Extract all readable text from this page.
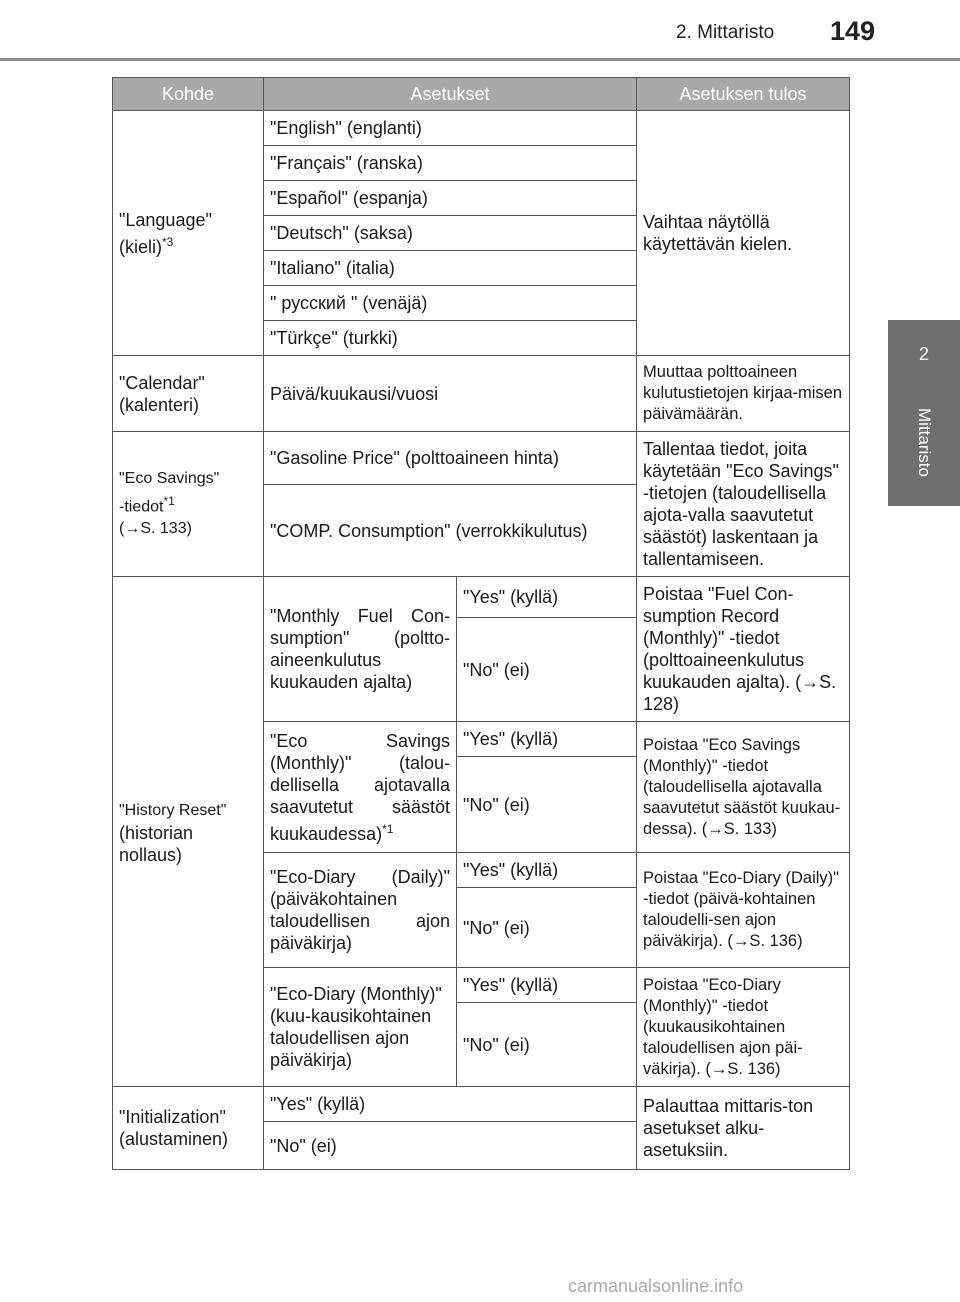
2. Mittaristo 149
2
Mittaristo
Kohde	Asetukset		Asetuksen tulos
"Language"
(kieli)$^{*3}$	"English" (englanti)		Vaihtaa näytöllä käytettävän kielen.
	"Français" (ranska)		
	"Español" (espanja)		
	"Deutsch" (saksa)		
	"Italiano" (italia)		
	" русский " (venäjä)		
	"Türkçe" (turkki)		
"Calendar"
(kalenteri)	Päivä/kuukausi/vuosi		Muuttaa polttoaineen kulutustietojen kirjaa-misen päivämäärän.
"Eco Savings"
-tiedot$^{*1}$
(→S. 133)	"Gasoline Price" (polttoaineen hinta)		Tallentaa tiedot, joita käytetään "Eco Savings" -tietojen (taloudellisella ajota-valla saavutetut säästöt) laskentaan ja tallentamiseen.
	"COMP. Consumption" (verrokkikulutus)		
"History Reset"
(historian
nollaus)	"Monthly Fuel Con-sumption" (poltto-aineenkulutus kuukauden ajalta)	"Yes" (kyllä)	Poistaa "Fuel Con-sumption Record (Monthly)" -tiedot (polttoaineenkulutus kuukauden ajalta). (→S. 128)
		"No" (ei)	
	"Eco Savings (Monthly)" (talou-dellisella ajotavalla saavutetut säästöt kuukaudessa)$^{*1}$	"Yes" (kyllä)	Poistaa "Eco Savings (Monthly)" -tiedot (taloudellisella ajotavalla saavutetut säästöt kuukau-dessa). (→S. 133)
		"No" (ei)	
	"Eco-Diary (Daily)" (päiväkohtainen taloudellisen ajon päiväkirja)	"Yes" (kyllä)	Poistaa "Eco-Diary (Daily)" -tiedot (päivä-kohtainen taloudelli-sen ajon päiväkirja). (→S. 136)
		"No" (ei)	
	"Eco-Diary (Monthly)" (kuu-kausikohtainen taloudellisen ajon päiväkirja)	"Yes" (kyllä)	Poistaa "Eco-Diary (Monthly)" -tiedot (kuukausikohtainen taloudellisen ajon päi-väkirja). (→S. 136)
		"No" (ei)	
"Initialization"
(alustaminen)	"Yes" (kyllä)		Palauttaa mittaris-ton asetukset alku-asetuksiin.
	"No" (ei)		
carmanualsonline.info
